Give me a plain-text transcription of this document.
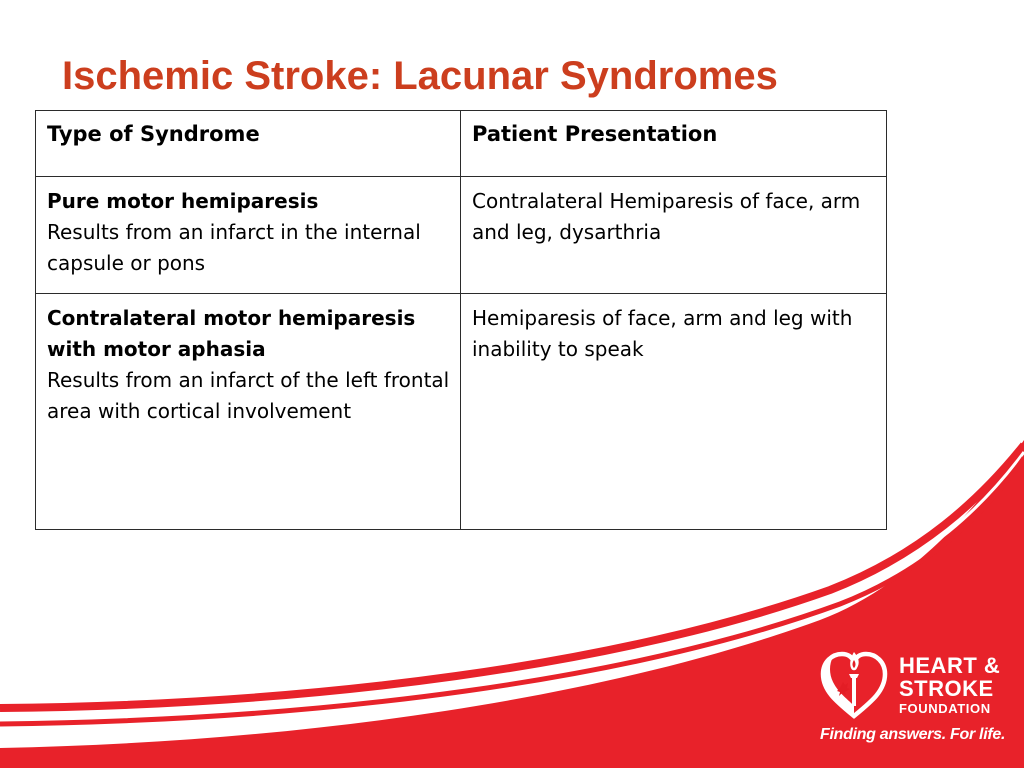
Ischemic Stroke: Lacunar Syndromes
Type of Syndrome	Patient Presentation

Pure motor hemiparesis
Results from an infarct in the internal capsule or pons	Contralateral Hemiparesis of face, arm and leg, dysarthria

Contralateral motor hemiparesis with motor aphasia
Results from an infarct of the left frontal area with cortical involvement	Hemiparesis of face, arm and leg with inability to speak
HEART &
STROKE
FOUNDATION
Finding answers. For life.
